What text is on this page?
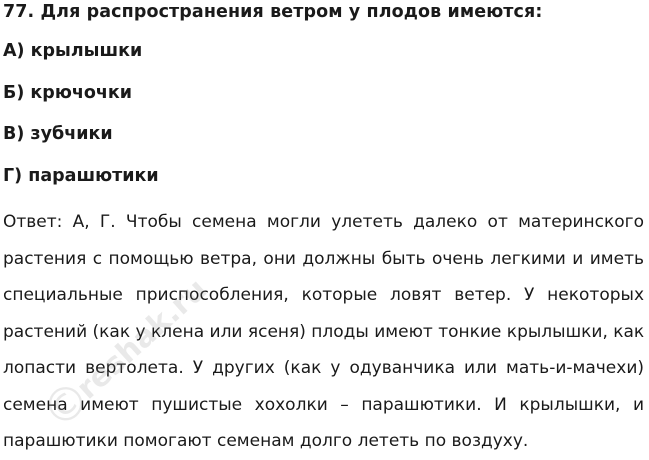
77. Для распространения ветром у плодов имеются:
А) крылышки
Б) крючочки
В) зубчики
Г) парашютики
Ответ: А, Г. Чтобы семена могли улететь далеко от материнского
растения с помощью ветра, они должны быть очень легкими и иметь
специальные приспособления, которые ловят ветер. У некоторых
растений (как у клена или ясеня) плоды имеют тонкие крылышки, как
лопасти вертолета. У других (как у одуванчика или мать-и-мачехи)
семена имеют пушистые хохолки – парашютики. И крылышки, и
парашютики помогают семенам долго лететь по воздуху.
©
reshak.ru
